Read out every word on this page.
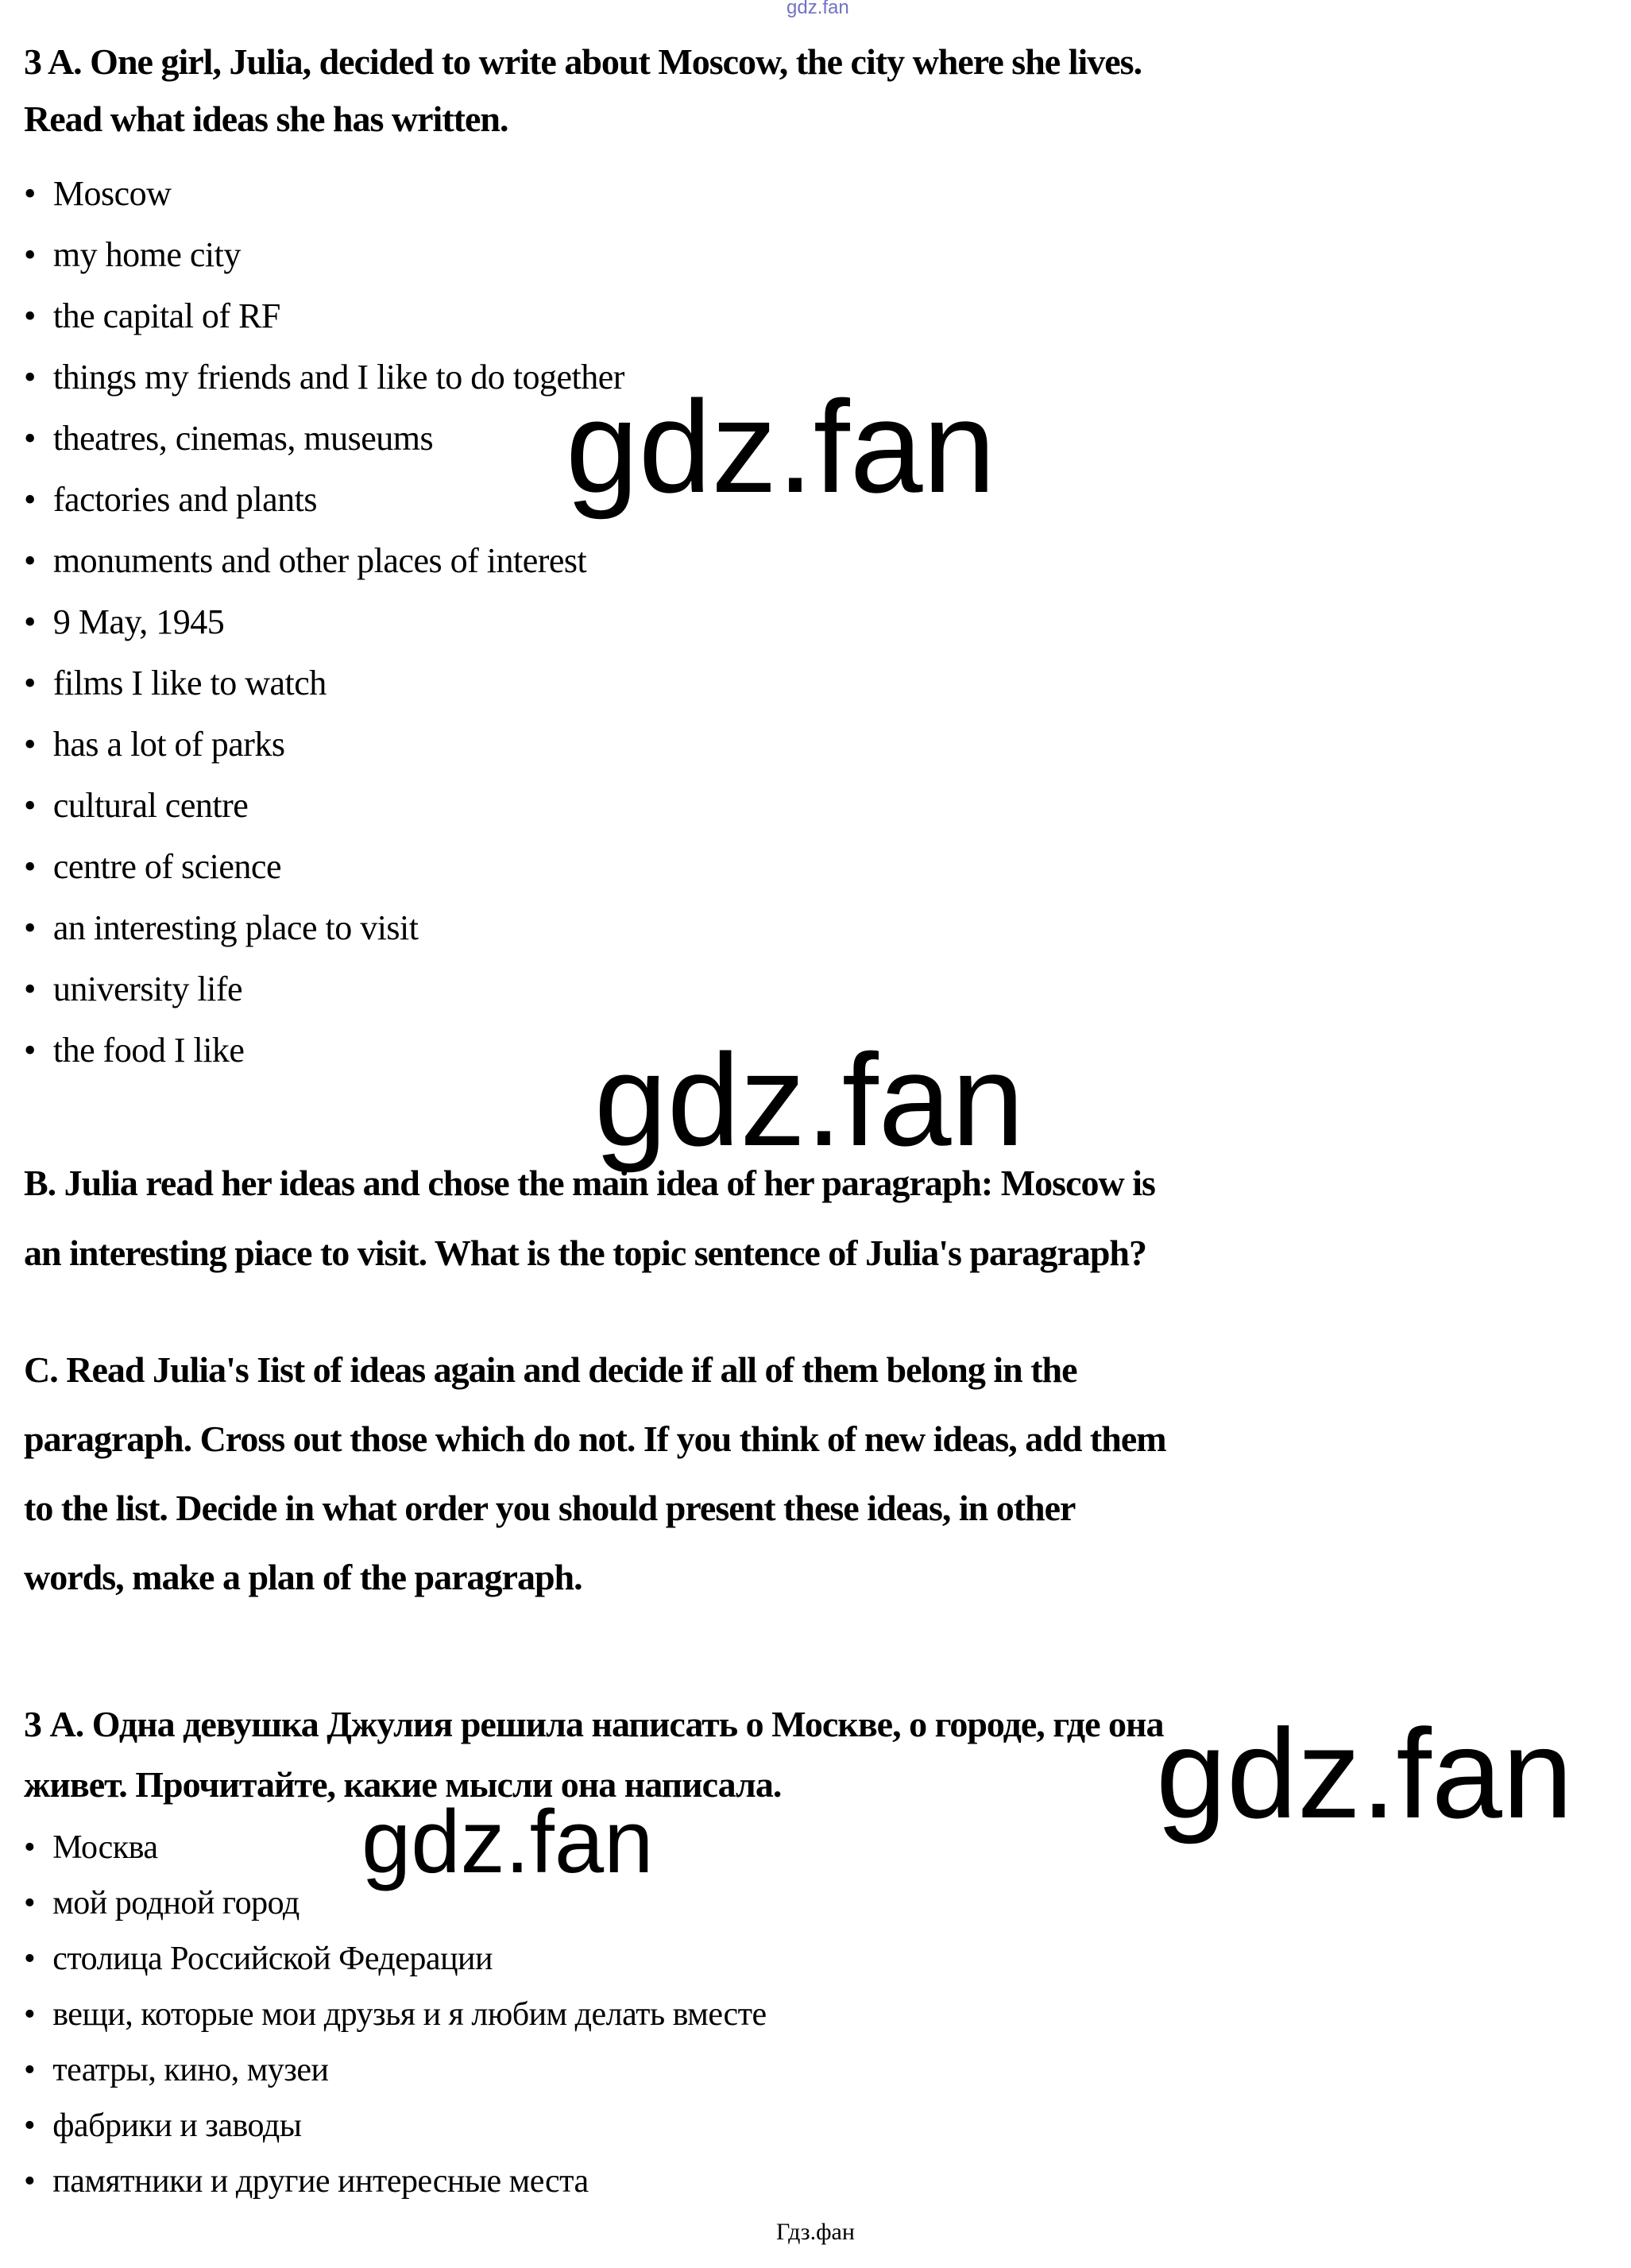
gdz.fan
3 A. One girl, Julia, decided to write about Moscow, the city where she lives.
Read what ideas she has written.
• Moscow
• my home city
• the capital of RF
• things my friends and I like to do together
• theatres, cinemas, museums
• factories and plants
• monuments and other places of interest
• 9 May, 1945
• films I like to watch
• has a lot of parks
• cultural centre
• centre of science
• an interesting place to visit
• university life
• the food I like
gdz.fan
gdz.fan
B. Julia read her ideas and chose the main idea of her paragraph: Moscow is
an interesting piace to visit. What is the topic sentence of Julia's paragraph?
C. Read Julia's Iist of ideas again and decide if all of them belong in the
paragraph. Cross out those which do not. If you think of new ideas, add them
to the list. Decide in what order you should present these ideas, in other
words, make a plan of the paragraph.
3 А. Одна девушка Джулия решила написать о Москве, о городе, где она
живет. Прочитайте, какие мысли она написала.
gdz.fan	gdz.fan
• Москва
• мой родной город
• столица Российской Федерации
• вещи, которые мои друзья и я любим делать вместе
• театры, кино, музеи
• фабрики и заводы
• памятники и другие интересные места
Гдз.фан
